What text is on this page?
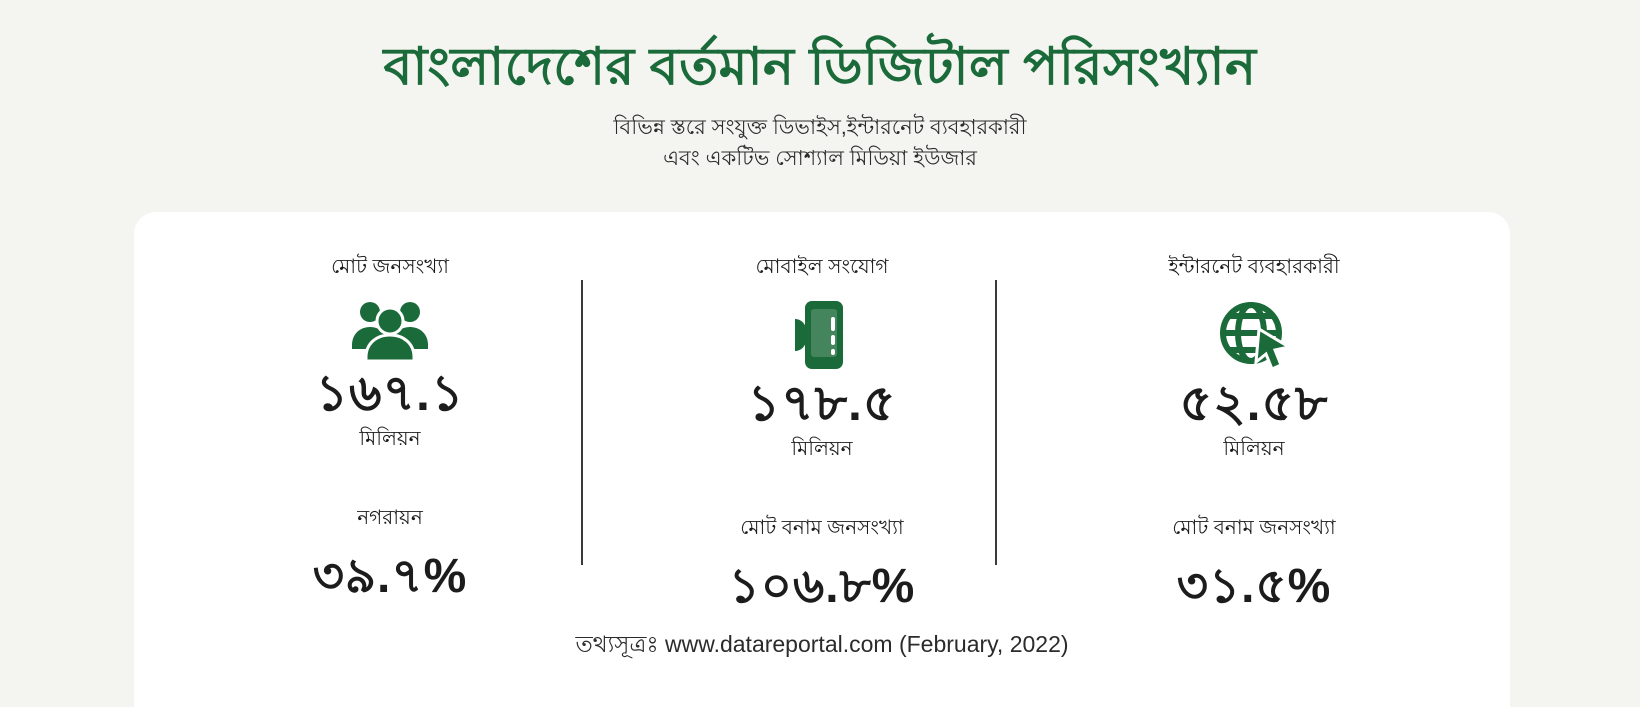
বাংলাদেশের বর্তমান ডিজিটাল পরিসংখ্যান
বিভিন্ন স্তরে সংযুক্ত ডিভাইস,ইন্টারনেট ব্যবহারকারী
এবং একটিভ সোশ্যাল মিডিয়া ইউজার
মোট জনসংখ্যা
১৬৭.১
মিলিয়ন
নগরায়ন
৩৯.৭%
মোবাইল সংযোগ
১৭৮.৫
মিলিয়ন
মোট বনাম জনসংখ্যা
১০৬.৮%
ইন্টারনেট ব্যবহারকারী
৫২.৫৮
মিলিয়ন
মোট বনাম জনসংখ্যা
৩১.৫%
তথ্যসূত্রঃ www.datareportal.com (February, 2022)
